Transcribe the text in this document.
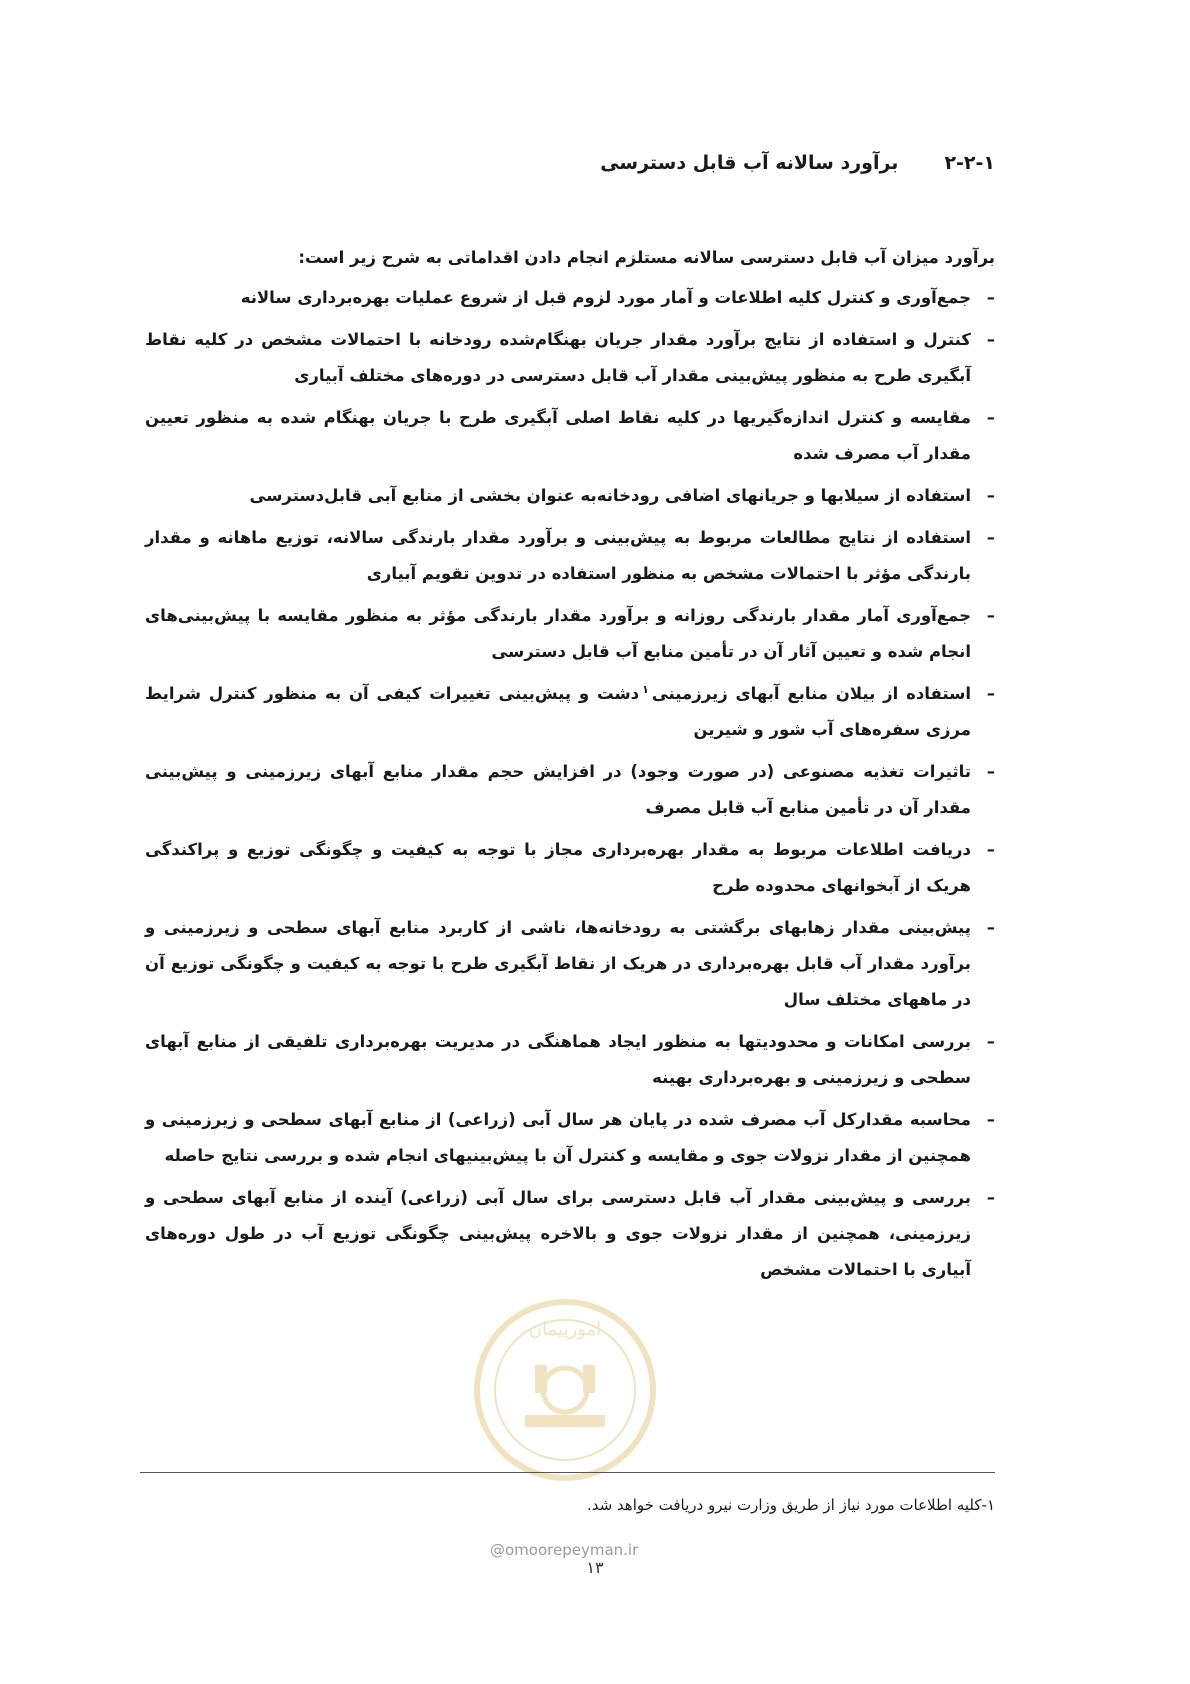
۲-۲-۱
برآورد سالانه آب قابل دسترسی

برآورد میزان آب قابل دسترسی سالانه مستلزم انجام دادن اقداماتی به شرح زیر است:

–
جمع‌آوری و کنترل کلیه اطلاعات و آمار مورد لزوم قبل از شروع عملیات بهره‌برداری سالانه
–
کنترل و استفاده از نتایج برآورد مقدار جریان بهنگام‌شده رودخانه با احتمالات مشخص در کلیه نقاط آبگیری طرح به منظور پیش‌بینی مقدار آب قابل دسترسی در دوره‌های مختلف آبیاری
–
مقایسه و کنترل اندازه‌گیریها در کلیه نقاط اصلی آبگیری طرح با جریان بهنگام شده به منظور تعیین مقدار آب مصرف شده
–
استفاده از سیلابها و جریانهای اضافی رودخانه‌به عنوان بخشی از منابع آبی قابل‌دسترسی
–
استفاده از نتایج مطالعات مربوط به پیش‌بینی و برآورد مقدار بارندگی سالانه، توزیع ماهانه و مقدار بارندگی مؤثر با احتمالات مشخص به منظور استفاده در تدوین تقویم آبیاری
–
جمع‌آوری آمار مقدار بارندگی روزانه و برآورد مقدار بارندگی مؤثر به منظور مقایسه با پیش‌بینی‌های انجام شده و تعیین آثار آن در تأمین منابع آب قابل دسترسی
–
استفاده از بیلان منابع آبهای زیرزمینی$^۱$دشت و پیش‌بینی تغییرات کیفی آن به منظور کنترل شرایط مرزی سفره‌های آب شور و شیرین
–
تاثیرات تغذیه مصنوعی (در صورت وجود) در افزایش حجم مقدار منابع آبهای زیرزمینی و پیش‌بینی مقدار آن در تأمین منابع آب قابل مصرف
–
دریافت اطلاعات مربوط به مقدار بهره‌برداری مجاز با توجه به کیفیت و چگونگی توزیع و پراکندگی هریک از آبخوانهای محدوده طرح
–
پیش‌بینی مقدار زهابهای برگشتی به رودخانه‌ها، ناشی از کاربرد منابع آبهای سطحی و زیرزمینی و برآورد مقدار آب قابل بهره‌برداری در هریک از نقاط آبگیری طرح با توجه به کیفیت و چگونگی توزیع آن در ماههای مختلف سال
–
بررسی امکانات و محدودیتها به منظور ایجاد هماهنگی در مدیریت بهره‌برداری تلفیقی از منابع آبهای سطحی و زیرزمینی و بهره‌برداری بهینه
–
محاسبه مقدارکل آب مصرف شده در پایان هر سال آبی (زراعی) از منابع آبهای سطحی و زیرزمینی و همچنین از مقدار نزولات جوی و مقایسه و کنترل آن با پیش‌بینیهای انجام شده و بررسی نتایج حاصله
–
بررسی و پیش‌بینی مقدار آب قابل دسترسی برای سال آبی (زراعی) آینده از منابع آبهای سطحی و زیرزمینی، همچنین از مقدار نزولات جوی و بالاخره پیش‌بینی چگونگی توزیع آب در طول دوره‌های آبیاری با احتمالات مشخص
امورپیمان
۱-کلیه اطلاعات مورد نیاز از طریق وزارت نیرو دریافت خواهد شد.
@omoorepeyman.ir
۱۳
